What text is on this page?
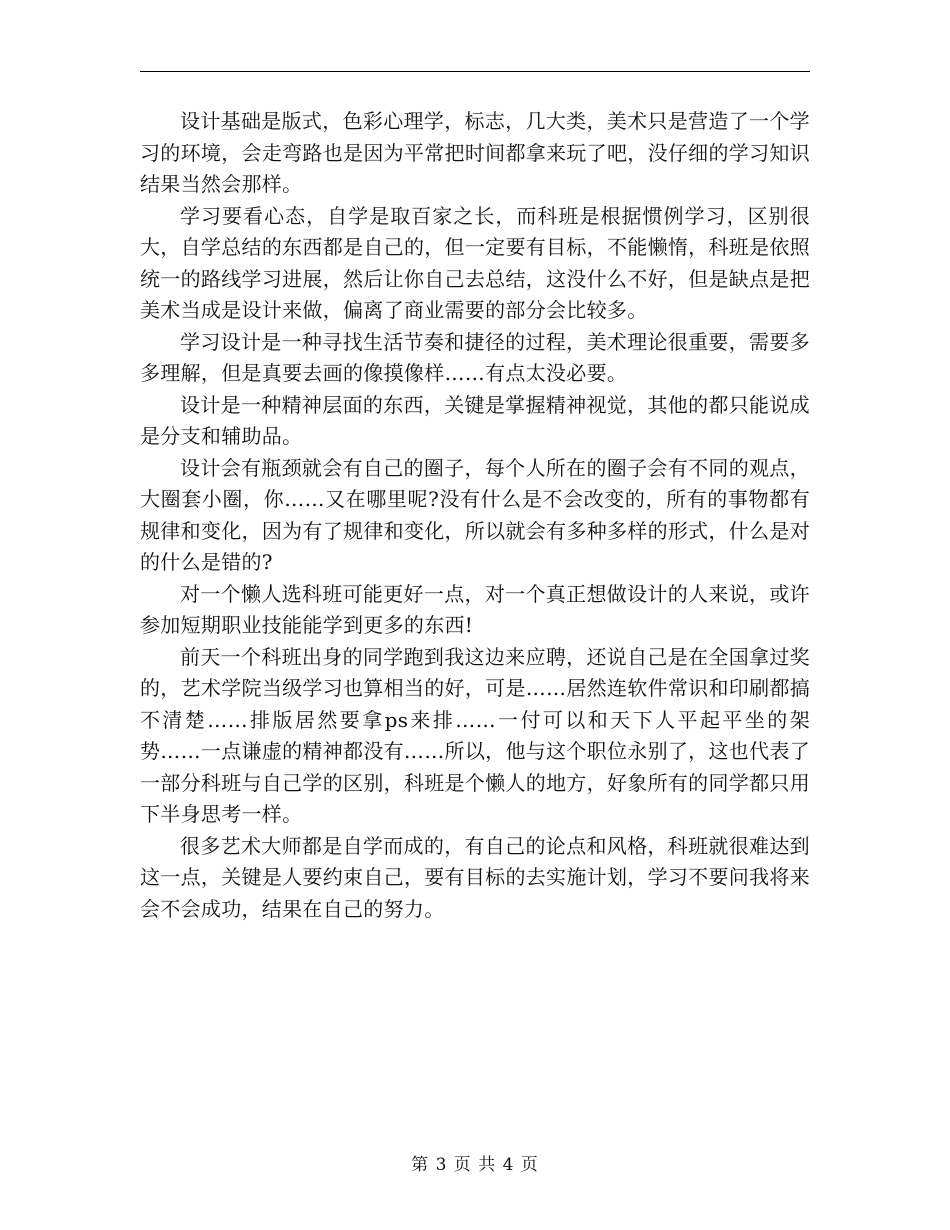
设计基础是版式，色彩心理学，标志，几大类，美术只是营造了一个学习的环境，会走弯路也是因为平常把时间都拿来玩了吧，没仔细的学习知识结果当然会那样。

学习要看心态，自学是取百家之长，而科班是根据惯例学习，区别很大，自学总结的东西都是自己的，但一定要有目标，不能懒惰，科班是依照统一的路线学习进展，然后让你自己去总结，这没什么不好，但是缺点是把美术当成是设计来做，偏离了商业需要的部分会比较多。

学习设计是一种寻找生活节奏和捷径的过程，美术理论很重要，需要多多理解，但是真要去画的像摸像样……有点太没必要。

设计是一种精神层面的东西，关键是掌握精神视觉，其他的都只能说成是分支和辅助品。

设计会有瓶颈就会有自己的圈子，每个人所在的圈子会有不同的观点，大圈套小圈，你……又在哪里呢?没有什么是不会改变的，所有的事物都有规律和变化，因为有了规律和变化，所以就会有多种多样的形式，什么是对的什么是错的?

对一个懒人选科班可能更好一点，对一个真正想做设计的人来说，或许参加短期职业技能能学到更多的东西!

前天一个科班出身的同学跑到我这边来应聘，还说自己是在全国拿过奖的，艺术学院当级学习也算相当的好，可是……居然连软件常识和印刷都搞不清楚……排版居然要拿ps来排……一付可以和天下人平起平坐的架势……一点谦虚的精神都没有……所以，他与这个职位永别了，这也代表了一部分科班与自己学的区别，科班是个懒人的地方，好象所有的同学都只用下半身思考一样。

很多艺术大师都是自学而成的，有自己的论点和风格，科班就很难达到这一点，关键是人要约束自己，要有目标的去实施计划，学习不要问我将来会不会成功，结果在自己的努力。

第 3 页 共 4 页
